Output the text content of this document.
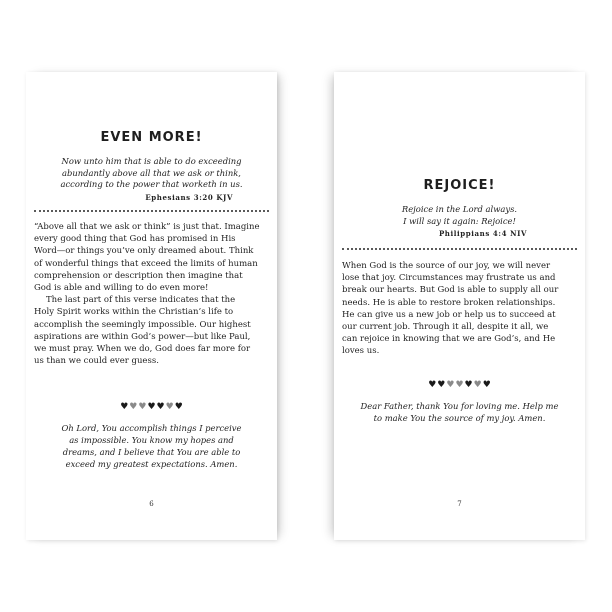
EVEN MORE!
Now unto him that is able to do exceeding
abundantly above all that we ask or think,
according to the power that worketh in us.
Ephesians 3:20 KJV
“Above all that we ask or think” is just that. Imagine
every good thing that God has promised in His
Word—or things you’ve only dreamed about. Think
of wonderful things that exceed the limits of human
comprehension or description then imagine that
God is able and willing to do even more!
The last part of this verse indicates that the
Holy Spirit works within the Christian’s life to
accomplish the seemingly impossible. Our highest
aspirations are within God’s power—but like Paul,
we must pray. When we do, God does far more for
us than we could ever guess.
♥♥♥♥♥♥♥
Oh Lord, You accomplish things I perceive
as impossible. You know my hopes and
dreams, and I believe that You are able to
exceed my greatest expectations. Amen.
6
REJOICE!
Rejoice in the Lord always.
I will say it again: Rejoice!
Philippians 4:4 NIV
When God is the source of our joy, we will never
lose that joy. Circumstances may frustrate us and
break our hearts. But God is able to supply all our
needs. He is able to restore broken relationships.
He can give us a new job or help us to succeed at
our current job. Through it all, despite it all, we
can rejoice in knowing that we are God’s, and He
loves us.
♥♥♥♥♥♥♥
Dear Father, thank You for loving me. Help me
to make You the source of my joy. Amen.
7
